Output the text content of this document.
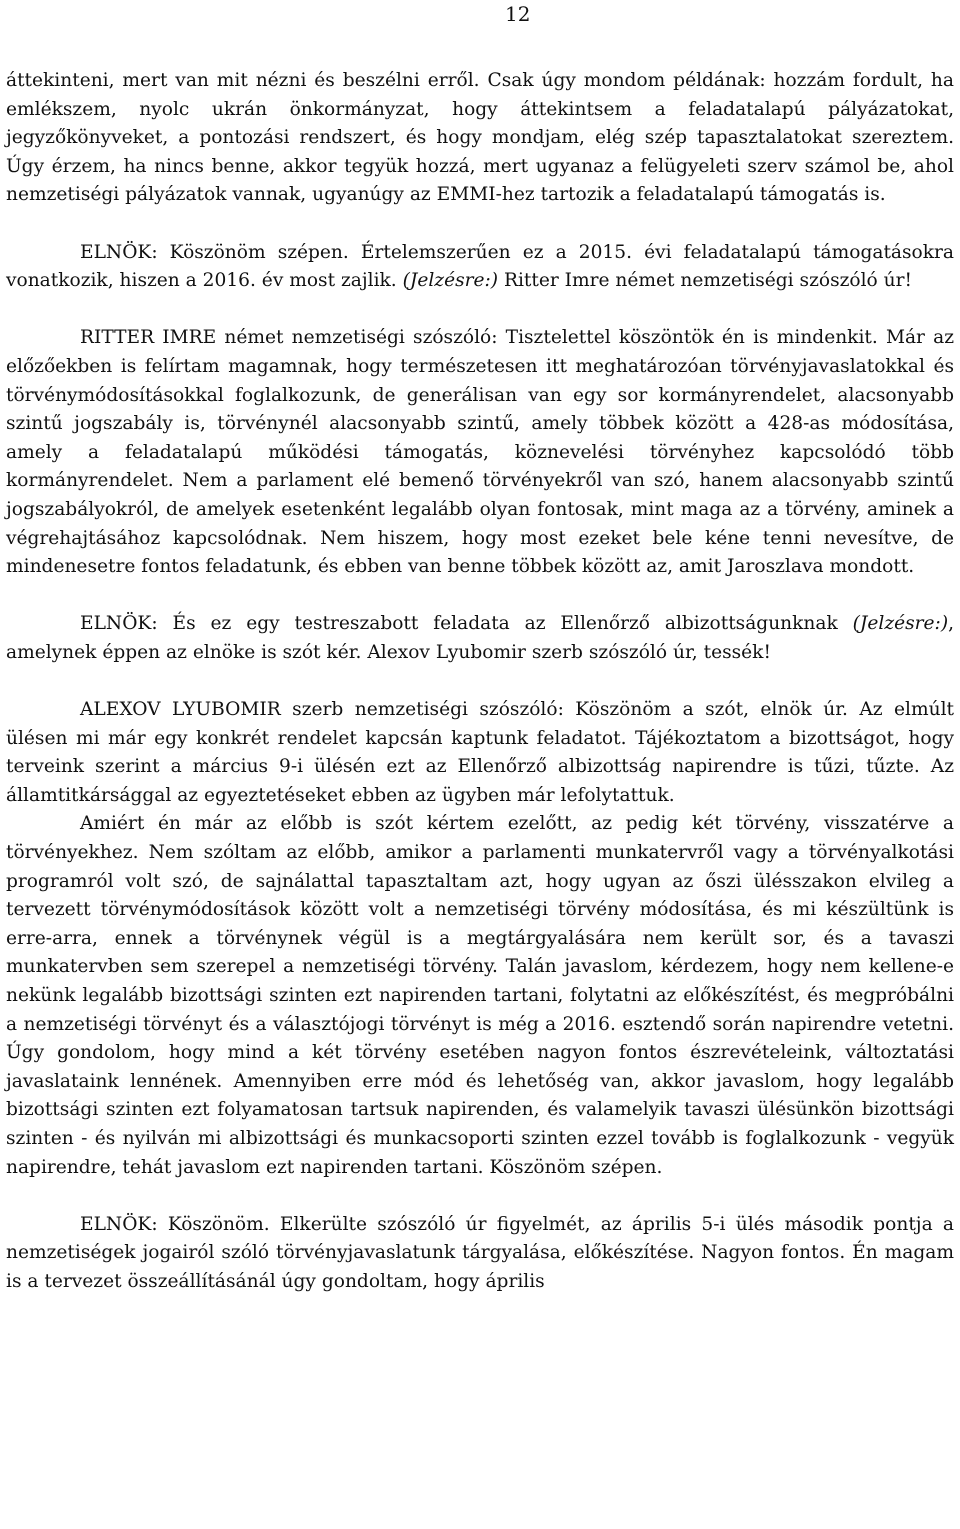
12

áttekinteni, mert van mit nézni és beszélni erről. Csak úgy mondom példának: hozzám fordult, ha emlékszem, nyolc ukrán önkormányzat, hogy áttekintsem a feladatalapú pályázatokat, jegyzőkönyveket, a pontozási rendszert, és hogy mondjam, elég szép tapasztalatokat szereztem. Úgy érzem, ha nincs benne, akkor tegyük hozzá, mert ugyanaz a felügyeleti szerv számol be, ahol nemzetiségi pályázatok vannak, ugyanúgy az EMMI-hez tartozik a feladatalapú támogatás is.

ELNÖK: Köszönöm szépen. Értelemszerűen ez a 2015. évi feladatalapú támogatásokra vonatkozik, hiszen a 2016. év most zajlik. (Jelzésre:) Ritter Imre német nemzetiségi szószóló úr!

RITTER IMRE német nemzetiségi szószóló: Tisztelettel köszöntök én is mindenkit. Már az előzőekben is felírtam magamnak, hogy természetesen itt meghatározóan törvényjavaslatokkal és törvénymódosításokkal foglalkozunk, de generálisan van egy sor kormányrendelet, alacsonyabb szintű jogszabály is, törvénynél alacsonyabb szintű, amely többek között a 428-as módosítása, amely a feladatalapú működési támogatás, köznevelési törvényhez kapcsolódó több kormányrendelet. Nem a parlament elé bemenő törvényekről van szó, hanem alacsonyabb szintű jogszabályokról, de amelyek esetenként legalább olyan fontosak, mint maga az a törvény, aminek a végrehajtásához kapcsolódnak. Nem hiszem, hogy most ezeket bele kéne tenni nevesítve, de mindenesetre fontos feladatunk, és ebben van benne többek között az, amit Jaroszlava mondott.

ELNÖK: És ez egy testreszabott feladata az Ellenőrző albizottságunknak (Jelzésre:), amelynek éppen az elnöke is szót kér. Alexov Lyubomir szerb szószóló úr, tessék!

ALEXOV LYUBOMIR szerb nemzetiségi szószóló: Köszönöm a szót, elnök úr. Az elmúlt ülésen mi már egy konkrét rendelet kapcsán kaptunk feladatot. Tájékoztatom a bizottságot, hogy terveink szerint a március 9-i ülésén ezt az Ellenőrző albizottság napirendre is tűzi, tűzte. Az államtitkársággal az egyeztetéseket ebben az ügyben már lefolytattuk.

Amiért én már az előbb is szót kértem ezelőtt, az pedig két törvény, visszatérve a törvényekhez. Nem szóltam az előbb, amikor a parlamenti munkatervről vagy a törvényalkotási programról volt szó, de sajnálattal tapasztaltam azt, hogy ugyan az őszi ülésszakon elvileg a tervezett törvénymódosítások között volt a nemzetiségi törvény módosítása, és mi készültünk is erre-arra, ennek a törvénynek végül is a megtárgyalására nem került sor, és a tavaszi munkatervben sem szerepel a nemzetiségi törvény. Talán javaslom, kérdezem, hogy nem kellene-e nekünk legalább bizottsági szinten ezt napirenden tartani, folytatni az előkészítést, és megpróbálni a nemzetiségi törvényt és a választójogi törvényt is még a 2016. esztendő során napirendre vetetni. Úgy gondolom, hogy mind a két törvény esetében nagyon fontos észrevételeink, változtatási javaslataink lennének. Amennyiben erre mód és lehetőség van, akkor javaslom, hogy legalább bizottsági szinten ezt folyamatosan tartsuk napirenden, és valamelyik tavaszi ülésünkön bizottsági szinten - és nyilván mi albizottsági és munkacsoporti szinten ezzel tovább is foglalkozunk - vegyük napirendre, tehát javaslom ezt napirenden tartani. Köszönöm szépen.

ELNÖK: Köszönöm. Elkerülte szószóló úr figyelmét, az április 5-i ülés második pontja a nemzetiségek jogairól szóló törvényjavaslatunk tárgyalása, előkészítése. Nagyon fontos. Én magam is a tervezet összeállításánál úgy gondoltam, hogy április
